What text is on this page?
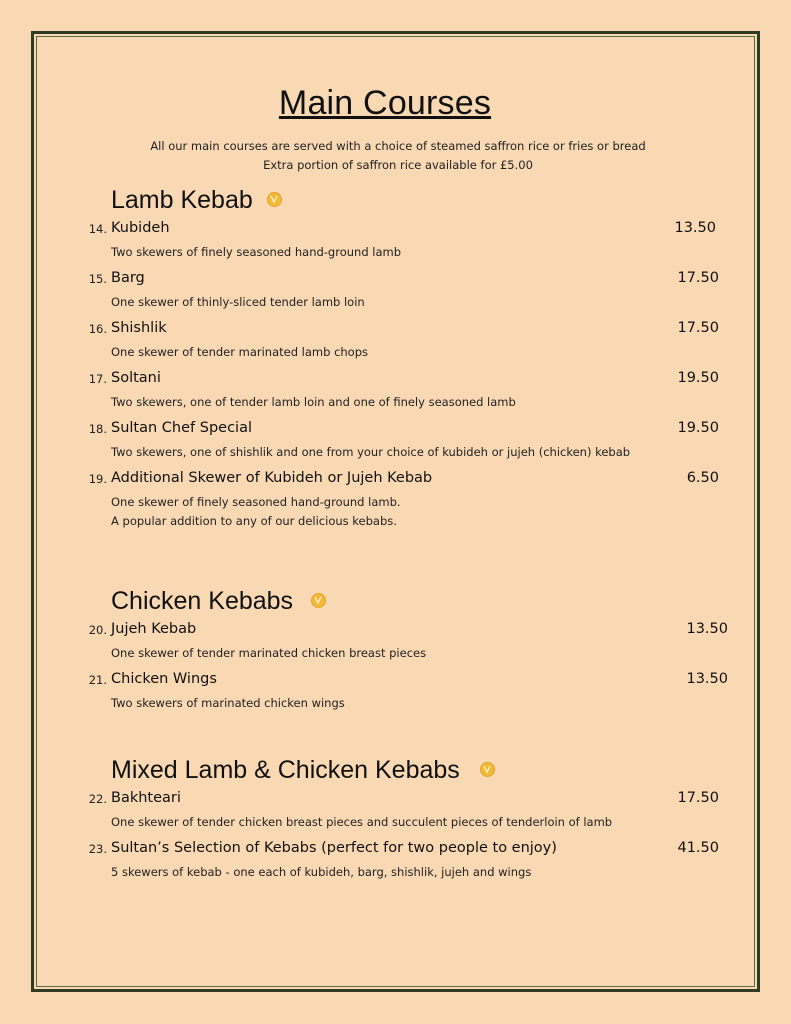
Main Courses
All our main courses are served with a choice of steamed saffron rice or fries or bread
Extra portion of saffron rice available for £5.00
Lamb Kebab
14. Kubideh	13.50
Two skewers of finely seasoned hand-ground lamb
15. Barg	17.50
One skewer of thinly-sliced tender lamb loin
16. Shishlik	17.50
One skewer of tender marinated lamb chops
17. Soltani	19.50
Two skewers, one of tender lamb loin and one of finely seasoned lamb
18. Sultan Chef Special	19.50
Two skewers, one of shishlik and one from your choice of kubideh or jujeh (chicken) kebab
19. Additional Skewer of Kubideh or Jujeh Kebab	6.50
One skewer of finely seasoned hand-ground lamb.
A popular addition to any of our delicious kebabs.
Chicken Kebabs
20. Jujeh Kebab	13.50
One skewer of tender marinated chicken breast pieces
21. Chicken Wings	13.50
Two skewers of marinated chicken wings
Mixed Lamb & Chicken Kebabs
22. Bakhteari	17.50
One skewer of tender chicken breast pieces and succulent pieces of tenderloin of lamb
23. Sultan’s Selection of Kebabs (perfect for two people to enjoy)	41.50
5 skewers of kebab - one each of kubideh, barg, shishlik, jujeh and wings
